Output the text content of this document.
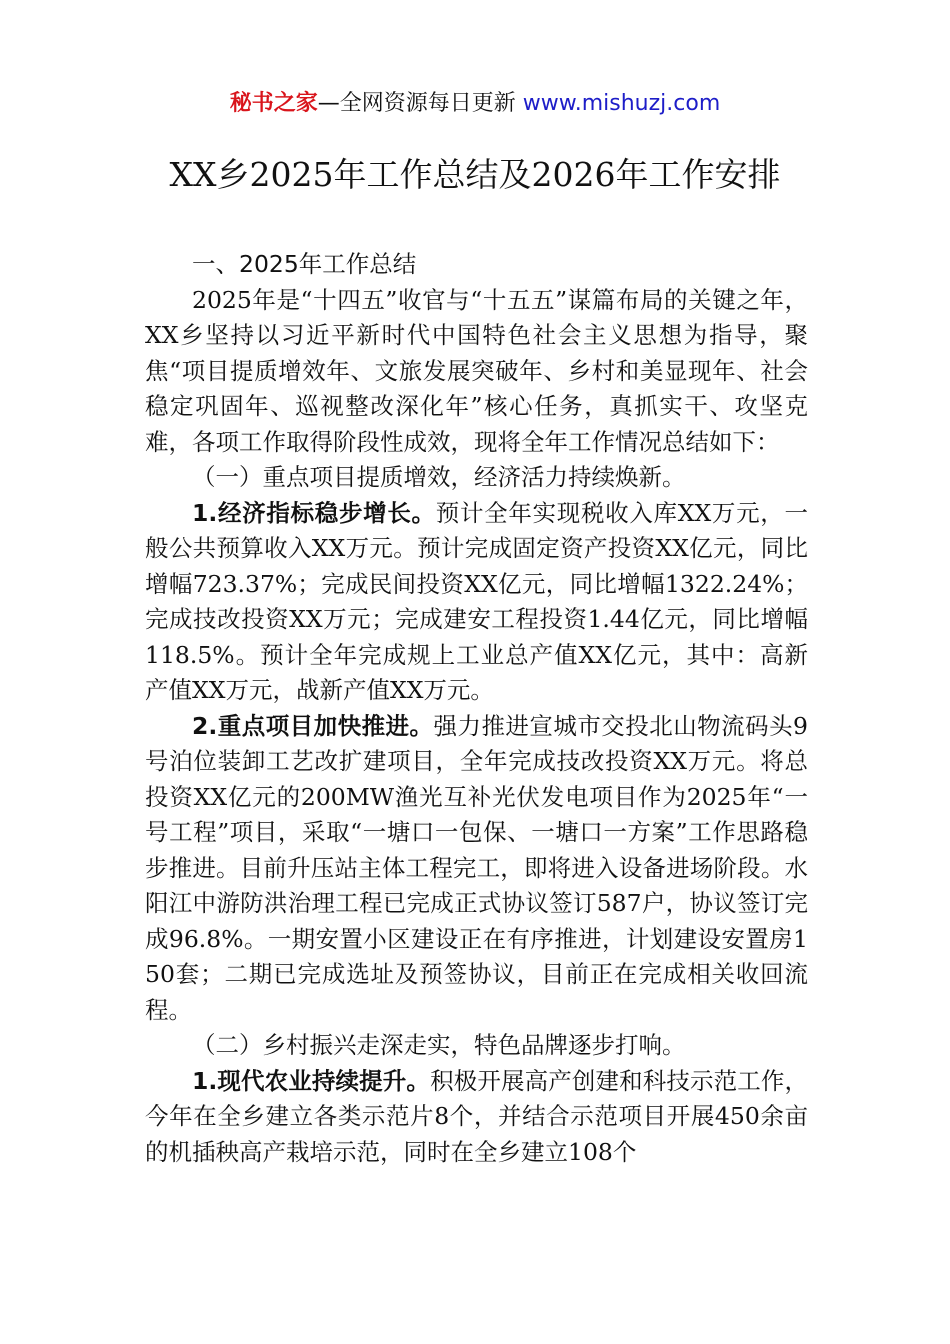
秘书之家—全网资源每日更新 www.mishuzj.com
XX乡2025年工作总结及2026年工作安排

一、2025年工作总结

2025年是“十四五”收官与“十五五”谋篇布局的关键之年，XX乡坚持以习近平新时代中国特色社会主义思想为指导，聚焦“项目提质增效年、文旅发展突破年、乡村和美显现年、社会稳定巩固年、巡视整改深化年”核心任务，真抓实干、攻坚克难，各项工作取得阶段性成效，现将全年工作情况总结如下：

（一）重点项目提质增效，经济活力持续焕新。

1.经济指标稳步增长。预计全年实现税收入库XX万元，一般公共预算收入XX万元。预计完成固定资产投资XX亿元，同比增幅723.37%；完成民间投资XX亿元，同比增幅1322.24%；完成技改投资XX万元；完成建安工程投资1.44亿元，同比增幅118.5%。预计全年完成规上工业总产值XX亿元，其中：高新产值XX万元，战新产值XX万元。

2.重点项目加快推进。强力推进宣城市交投北山物流码头9号泊位装卸工艺改扩建项目，全年完成技改投资XX万元。将总投资XX亿元的200MW渔光互补光伏发电项目作为2025年“一号工程”项目，采取“一塘口一包保、一塘口一方案”工作思路稳步推进。目前升压站主体工程完工，即将进入设备进场阶段。水阳江中游防洪治理工程已完成正式协议签订587户，协议签订完成96.8%。一期安置小区建设正在有序推进，计划建设安置房150套；二期已完成选址及预签协议，目前正在完成相关收回流程。

（二）乡村振兴走深走实，特色品牌逐步打响。

1.现代农业持续提升。积极开展高产创建和科技示范工作，今年在全乡建立各类示范片8个，并结合示范项目开展450余亩的机插秧高产栽培示范，同时在全乡建立108个
